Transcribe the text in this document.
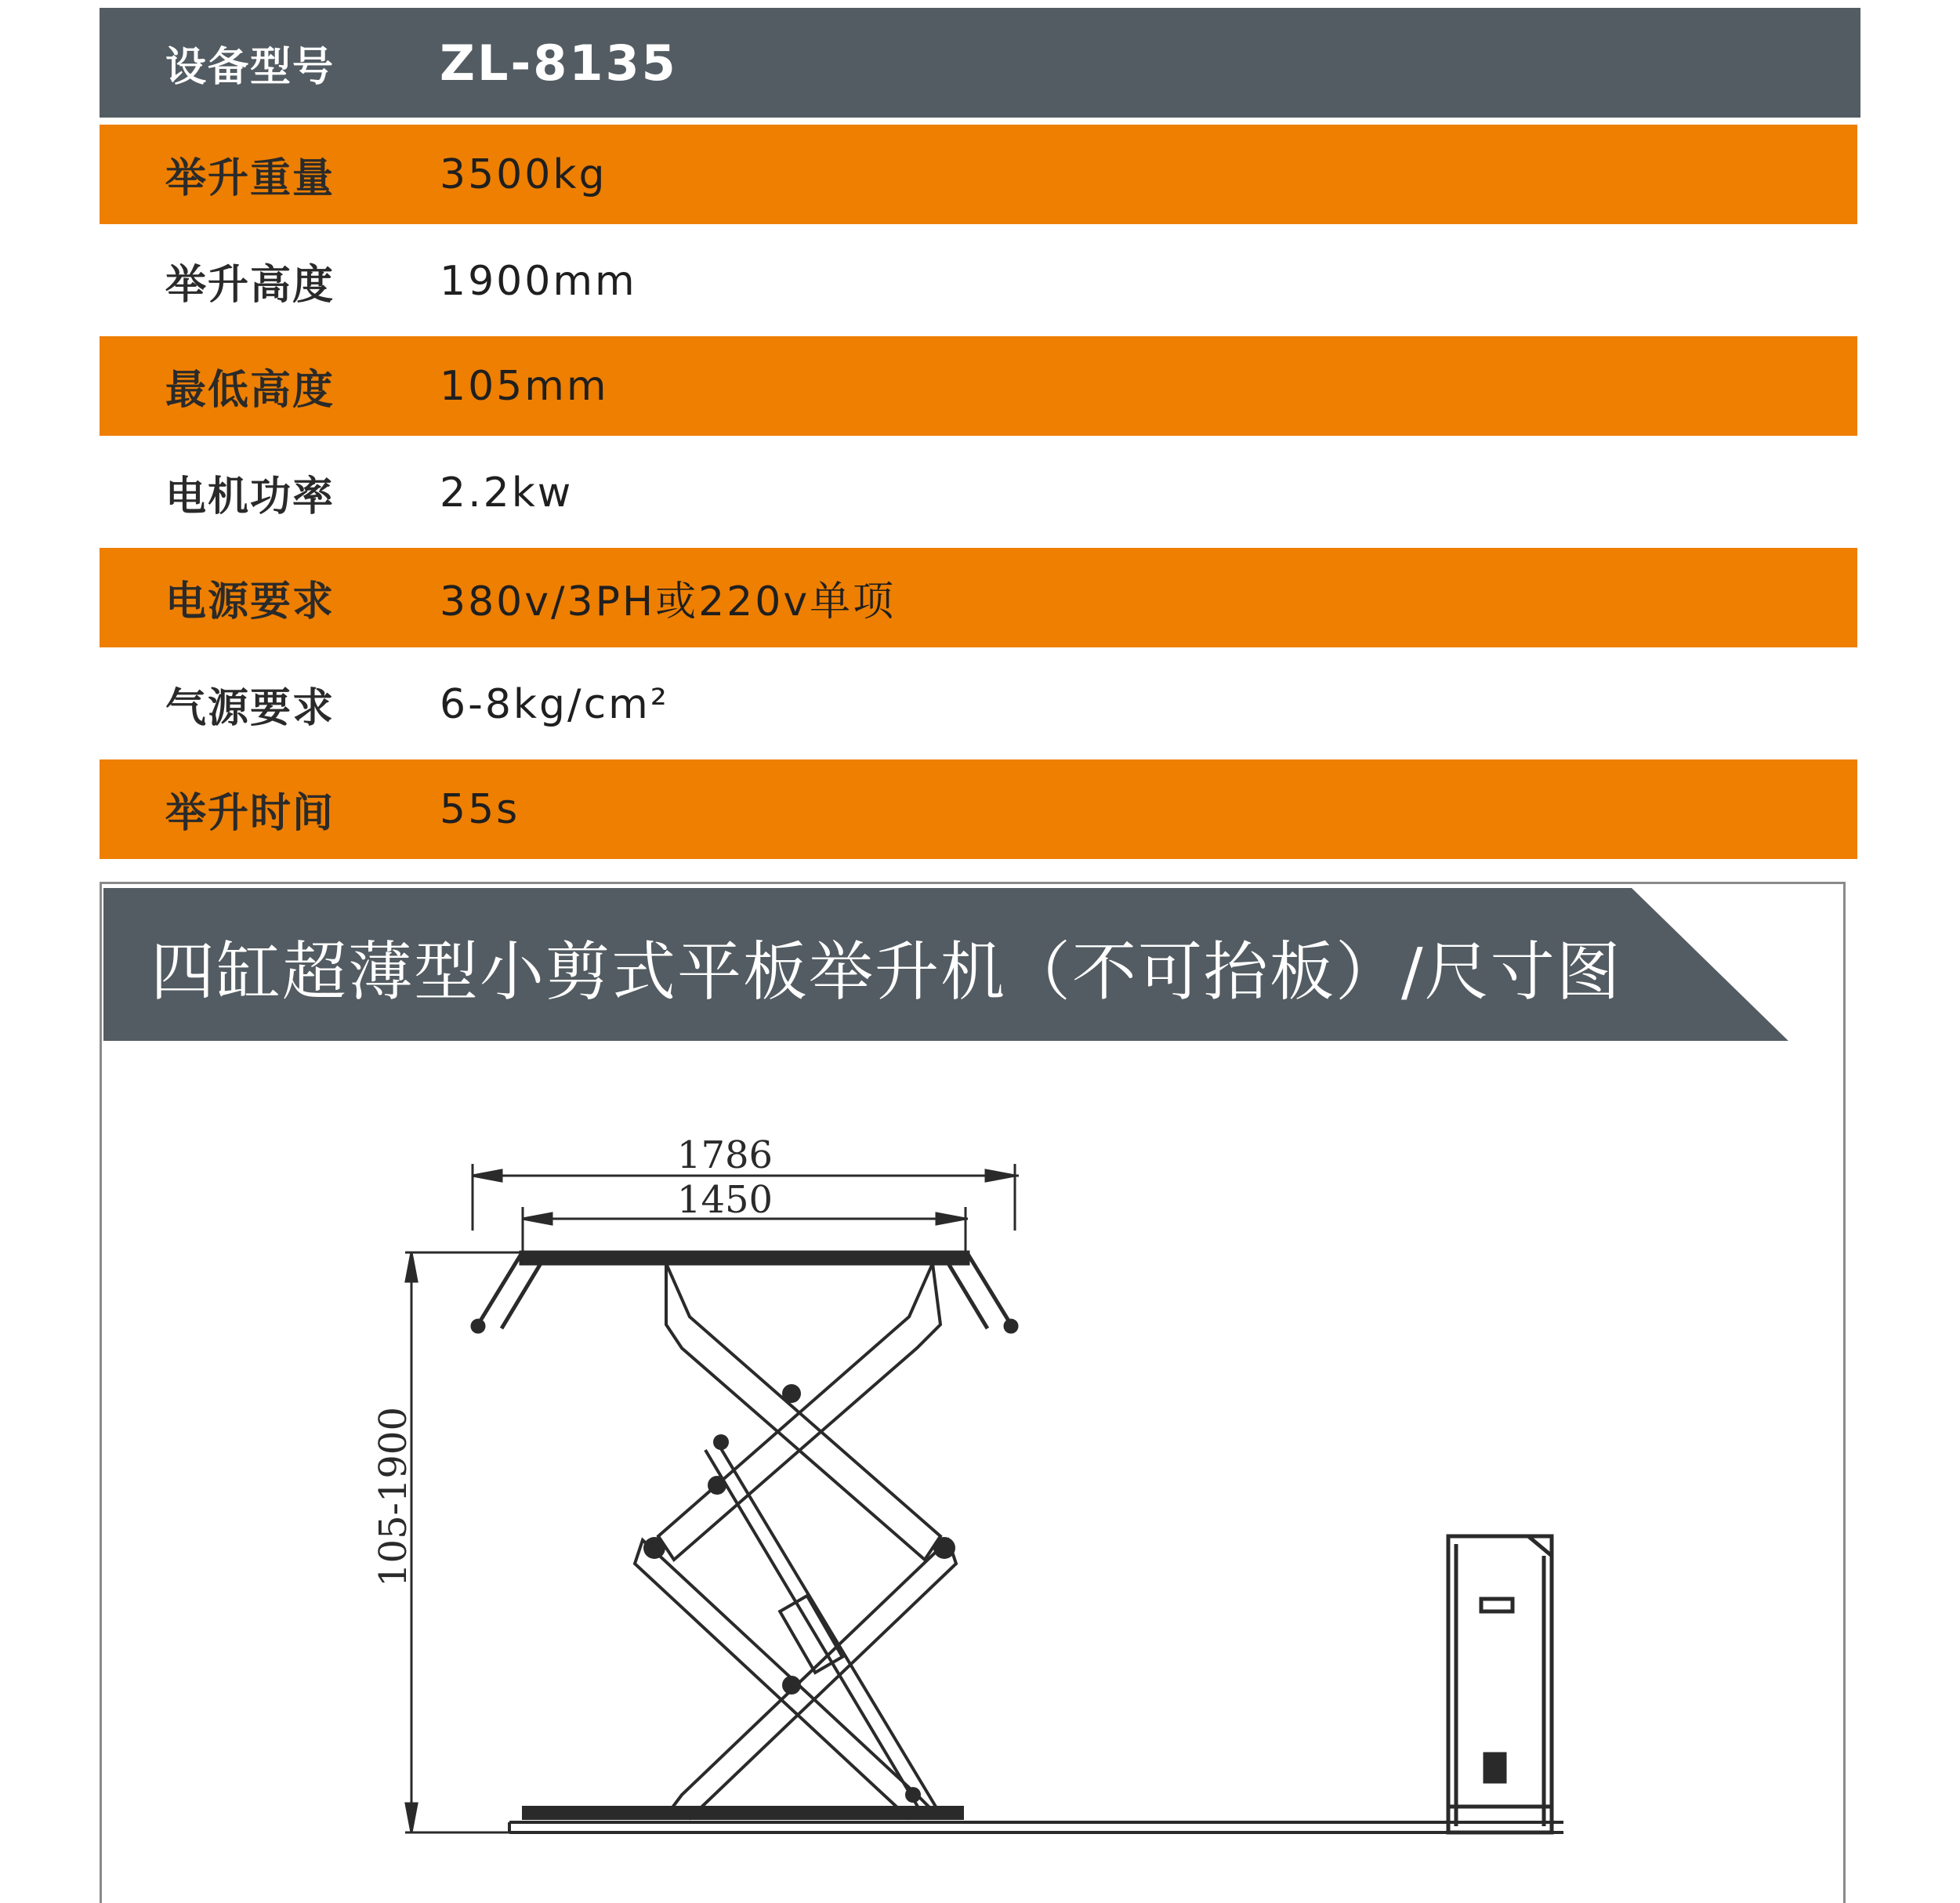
设备型号 ZL-8135
举升重量	3500kg
举升高度	1900mm
最低高度	105mm
电机功率	2.2kw
电源要求	380v/3PH或220v单项
气源要求	6-8kg/cm²
举升时间	55s
四缸超薄型小剪式平板举升机（不可抬板）/尺寸图
1786
1450
105-1900
